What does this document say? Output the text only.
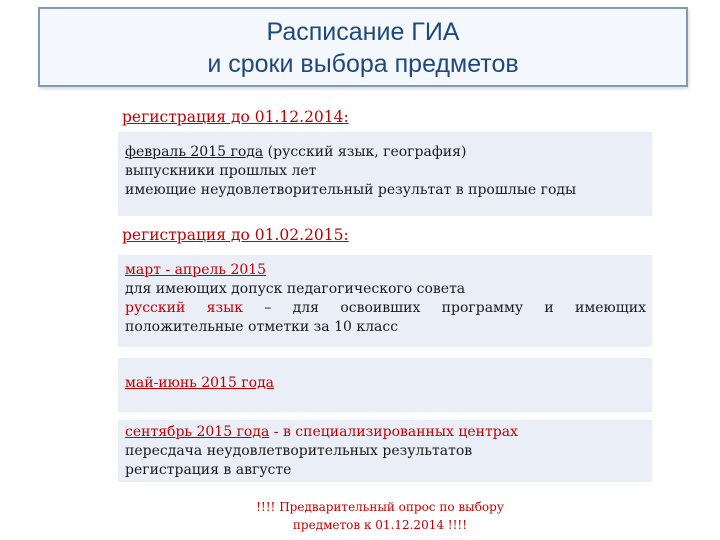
Расписание ГИА
и сроки выбора предметов
регистрация до 01.12.2014:
февраль 2015 года (русский язык, география)
выпускники прошлых лет
имеющие неудовлетворительный результат в прошлые годы
регистрация до 01.02.2015:
март - апрель 2015
для имеющих допуск педагогического совета
русский язык – для освоивших программу и имеющих
положительные отметки за 10 класс
май-июнь 2015 года
сентябрь 2015 года - в специализированных центрах
пересдача неудовлетворительных результатов
регистрация в августе
!!!! Предварительный опрос по выбору
предметов к 01.12.2014 !!!!
